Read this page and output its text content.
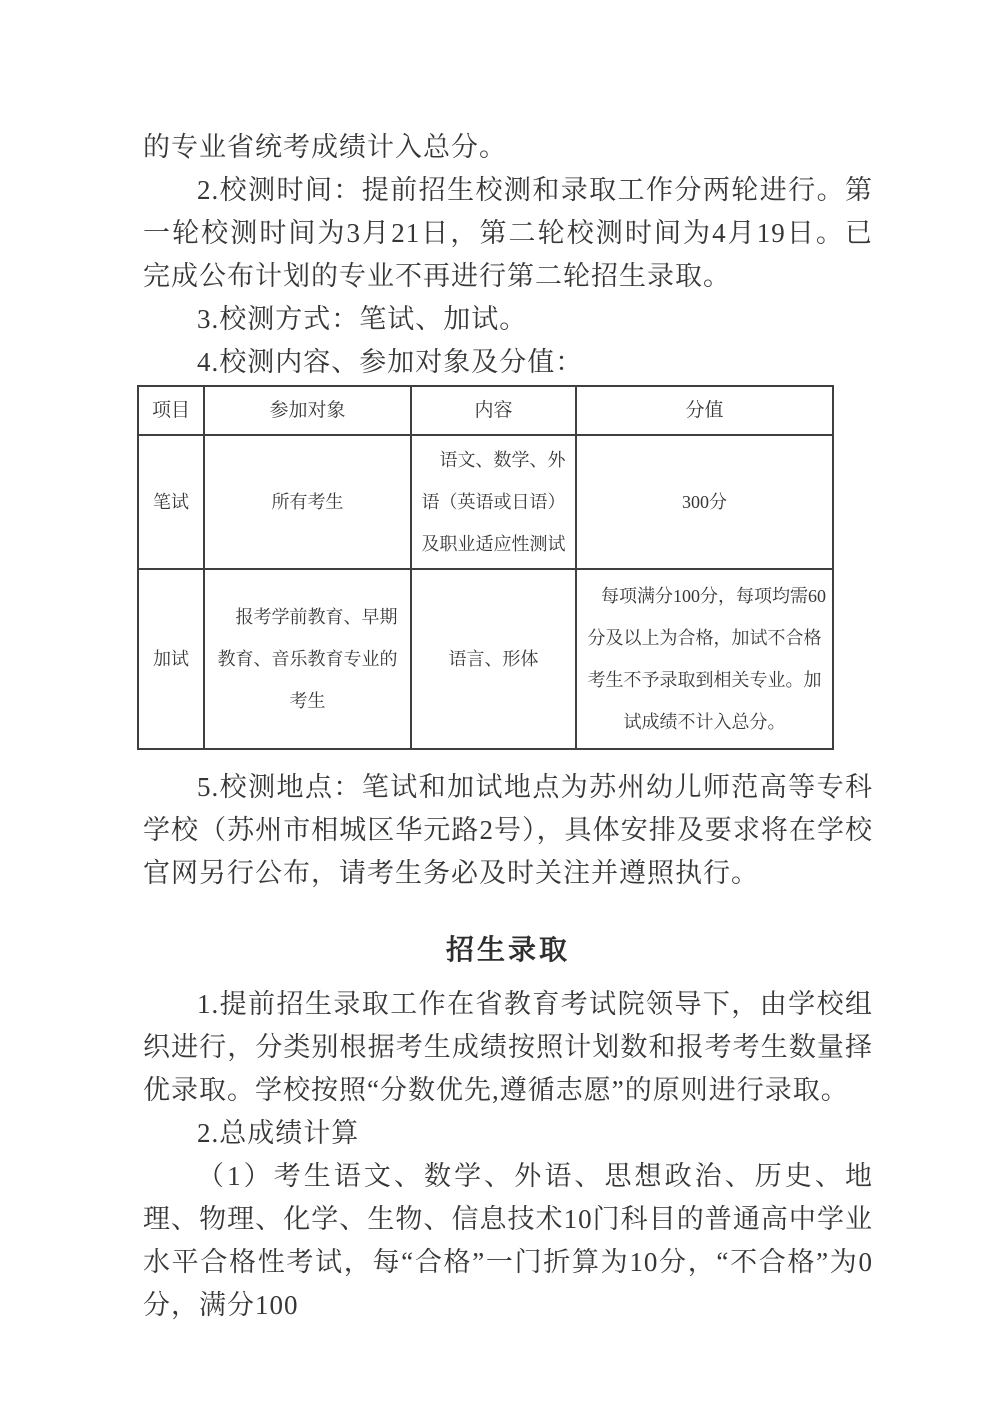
的专业省统考成绩计入总分。

2.校测时间：提前招生校测和录取工作分两轮进行。第一轮校测时间为3月21日，第二轮校测时间为4月19日。已完成公布计划的专业不再进行第二轮招生录取。

3.校测方式：笔试、加试。

4.校测内容、参加对象及分值：

项目	参加对象	内容	分值
笔试	所有考生	语文、数学、外语（英语或日语）及职业适应性测试	300分
加试	报考学前教育、早期教育、音乐教育专业的考生	语言、形体	每项满分100分，每项均需60分及以上为合格，加试不合格考生不予录取到相关专业。加试成绩不计入总分。

5.校测地点：笔试和加试地点为苏州幼儿师范高等专科学校（苏州市相城区华元路2号），具体安排及要求将在学校官网另行公布，请考生务必及时关注并遵照执行。

招生录取

1.提前招生录取工作在省教育考试院领导下，由学校组织进行，分类别根据考生成绩按照计划数和报考考生数量择优录取。学校按照“分数优先,遵循志愿”的原则进行录取。

2.总成绩计算

（1）考生语文、数学、外语、思想政治、历史、地理、物理、化学、生物、信息技术10门科目的普通高中学业水平合格性考试，每“合格”一门折算为10分，“不合格”为0分，满分100
